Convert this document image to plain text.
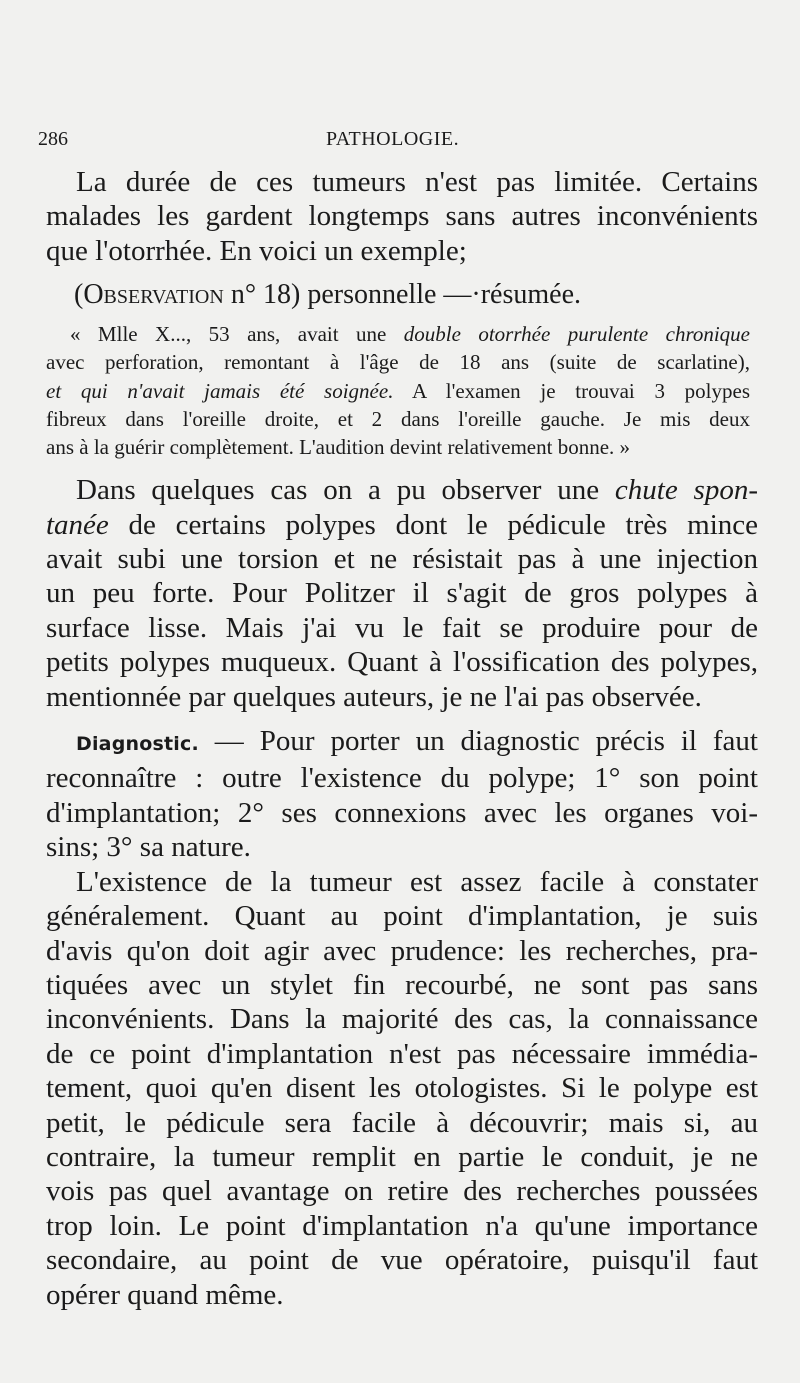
286	PATHOLOGIE.
La durée de ces tumeurs n'est pas limitée. Certains
malades les gardent longtemps sans autres inconvénients
que l'otorrhée. En voici un exemple;
(Observation n° 18) personnelle —·résumée.
« Mlle X..., 53 ans, avait une double otorrhée purulente chronique
avec perforation, remontant à l'âge de 18 ans (suite de scarlatine),
et qui n'avait jamais été soignée. A l'examen je trouvai 3 polypes
fibreux dans l'oreille droite, et 2 dans l'oreille gauche. Je mis deux
ans à la guérir complètement. L'audition devint relativement bonne. »
Dans quelques cas on a pu observer une chute spon-
tanée de certains polypes dont le pédicule très mince
avait subi une torsion et ne résistait pas à une injection
un peu forte. Pour Politzer il s'agit de gros polypes à
surface lisse. Mais j'ai vu le fait se produire pour de
petits polypes muqueux. Quant à l'ossification des polypes,
mentionnée par quelques auteurs, je ne l'ai pas observée.
Diagnostic. — Pour porter un diagnostic précis il faut
reconnaître : outre l'existence du polype; 1° son point
d'implantation; 2° ses connexions avec les organes voi-
sins; 3° sa nature.
L'existence de la tumeur est assez facile à constater
généralement. Quant au point d'implantation, je suis
d'avis qu'on doit agir avec prudence: les recherches, pra-
tiquées avec un stylet fin recourbé, ne sont pas sans
inconvénients. Dans la majorité des cas, la connaissance
de ce point d'implantation n'est pas nécessaire immédia-
tement, quoi qu'en disent les otologistes. Si le polype est
petit, le pédicule sera facile à découvrir; mais si, au
contraire, la tumeur remplit en partie le conduit, je ne
vois pas quel avantage on retire des recherches poussées
trop loin. Le point d'implantation n'a qu'une importance
secondaire, au point de vue opératoire, puisqu'il faut
opérer quand même.
